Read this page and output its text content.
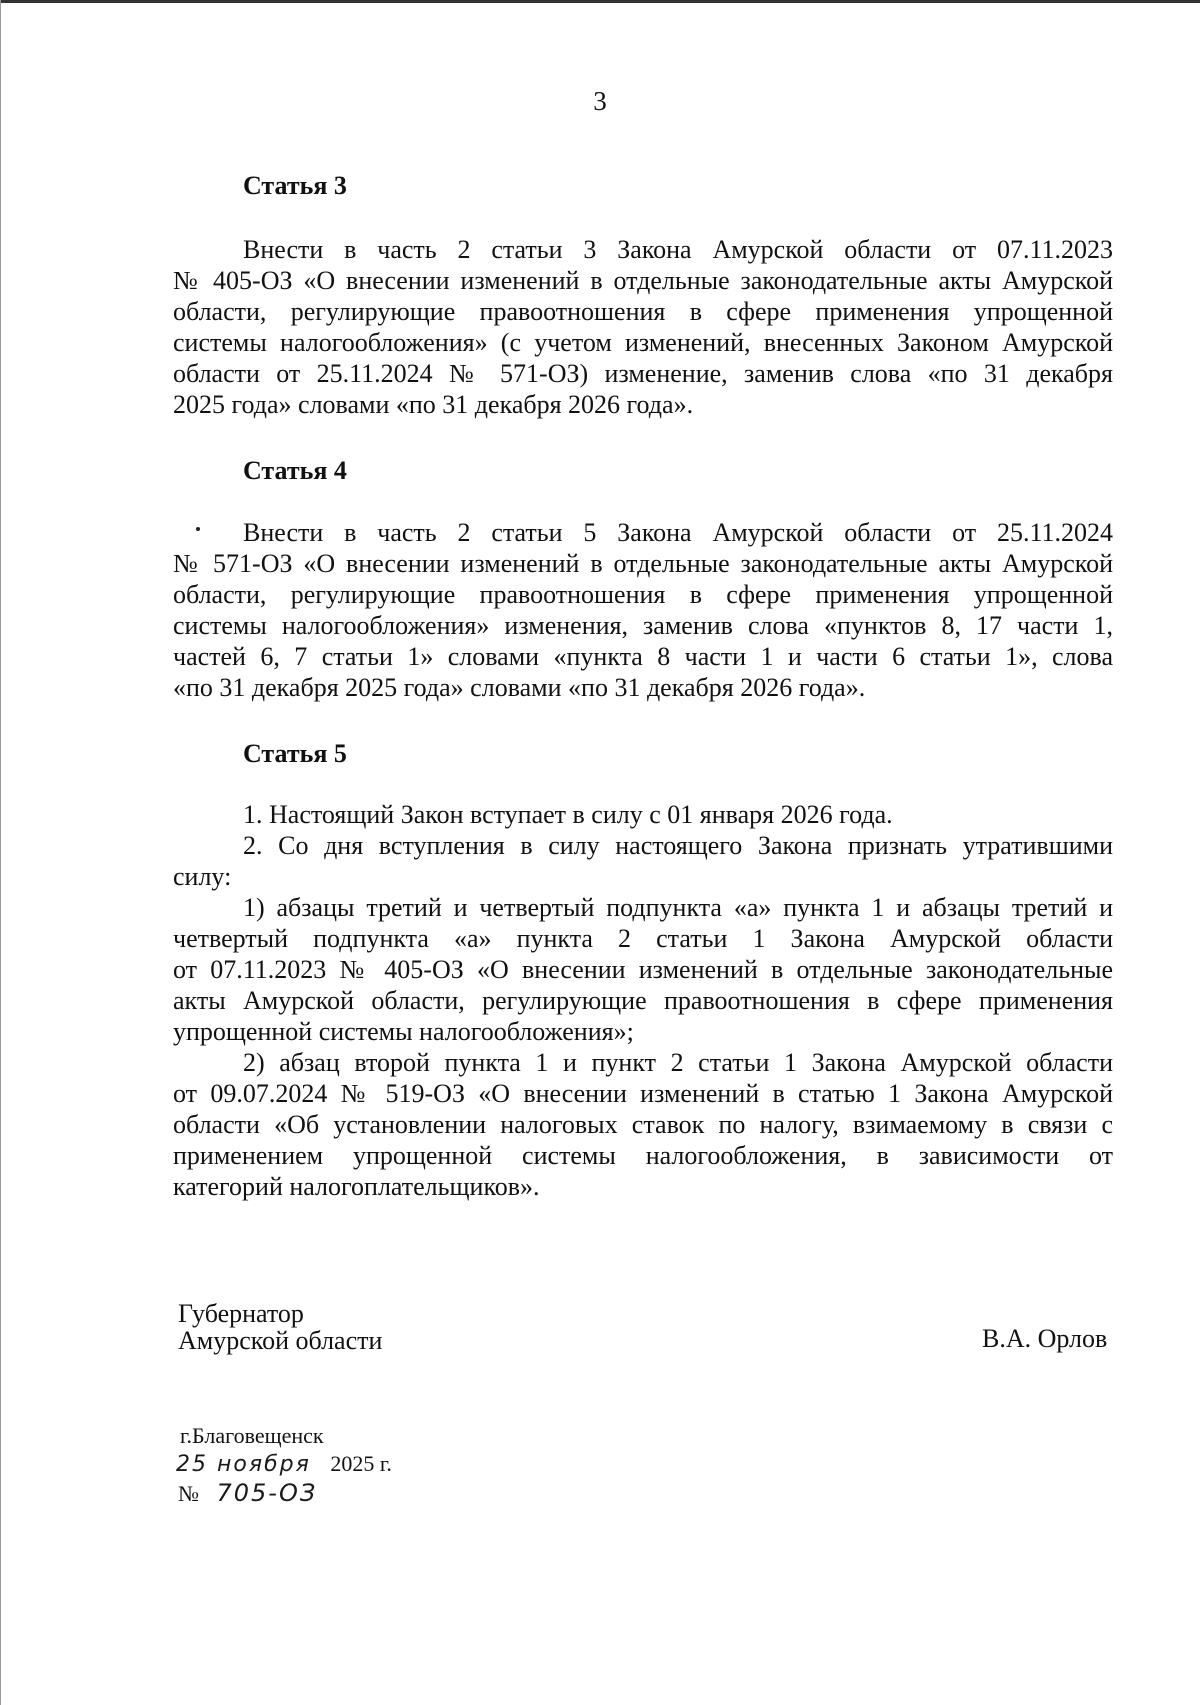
3
Статья 3
Внести в часть 2 статьи 3 Закона Амурской области от 07.11.2023
№ 405-ОЗ «О внесении изменений в отдельные законодательные акты Амурской
области, регулирующие правоотношения в сфере применения упрощенной
системы налогообложения» (с учетом изменений, внесенных Законом Амурской
области от 25.11.2024 № 571-ОЗ) изменение, заменив слова «по 31 декабря
2025 года» словами «по 31 декабря 2026 года».
Статья 4
Внести в часть 2 статьи 5 Закона Амурской области от 25.11.2024
№ 571-ОЗ «О внесении изменений в отдельные законодательные акты Амурской
области, регулирующие правоотношения в сфере применения упрощенной
системы налогообложения» изменения, заменив слова «пунктов 8, 17 части 1,
частей 6, 7 статьи 1» словами «пункта 8 части 1 и части 6 статьи 1», слова
«по 31 декабря 2025 года» словами «по 31 декабря 2026 года».
Статья 5
1. Настоящий Закон вступает в силу с 01 января 2026 года.
2. Со дня вступления в силу настоящего Закона признать утратившими
силу:
1) абзацы третий и четвертый подпункта «а» пункта 1 и абзацы третий и
четвертый подпункта «а» пункта 2 статьи 1 Закона Амурской области
от 07.11.2023 № 405-ОЗ «О внесении изменений в отдельные законодательные
акты Амурской области, регулирующие правоотношения в сфере применения
упрощенной системы налогообложения»;
2) абзац второй пункта 1 и пункт 2 статьи 1 Закона Амурской области
от 09.07.2024 № 519-ОЗ «О внесении изменений в статью 1 Закона Амурской
области «Об установлении налоговых ставок по налогу, взимаемому в связи с
применением упрощенной системы налогообложения, в зависимости от
категорий налогоплательщиков».
Губернатор
Амурской области	В.А. Орлов
г.Благовещенск
25 ноября 2025 г.
№ 705-ОЗ
